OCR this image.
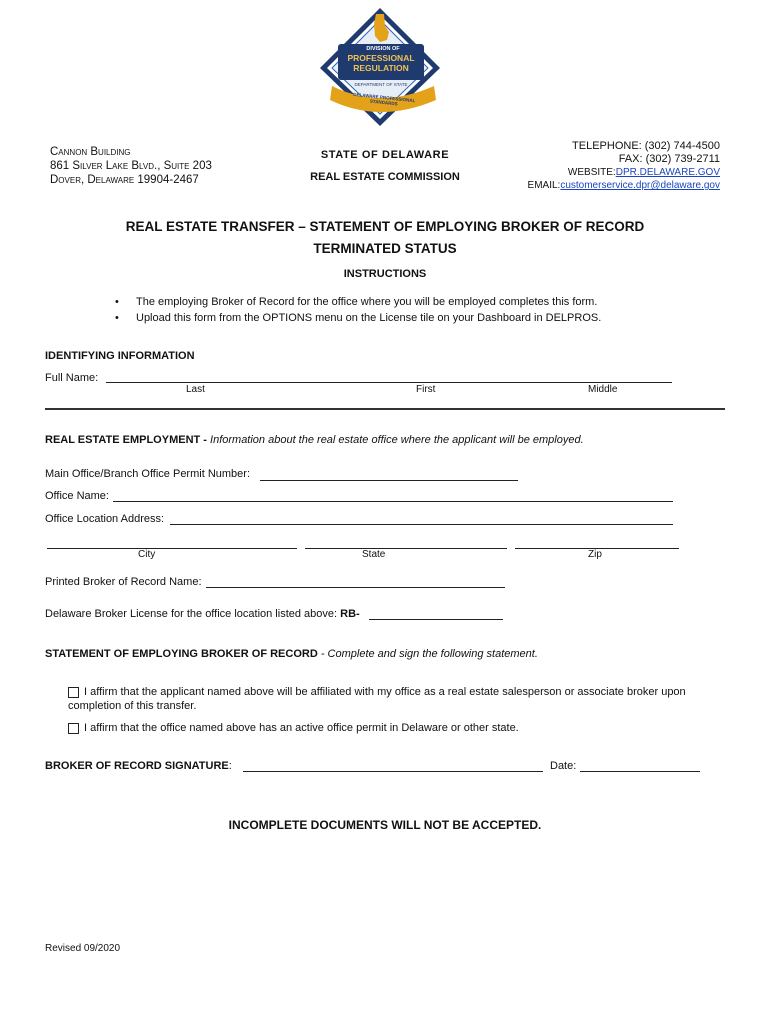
DIVISION OF
PROFESSIONAL
REGULATION
DEPARTMENT OF STATE
DELAWARE PROFESSIONAL STANDARDS
Cannon Building
861 Silver Lake Blvd., Suite 203
Dover, Delaware 19904-2467
STATE OF DELAWARE
REAL ESTATE COMMISSION
TELEPHONE: (302) 744-4500
FAX: (302) 739-2711
WEBSITE:DPR.DELAWARE.GOV
EMAIL:customerservice.dpr@delaware.gov
REAL ESTATE TRANSFER – STATEMENT OF EMPLOYING BROKER OF RECORD
TERMINATED STATUS
INSTRUCTIONS
• The employing Broker of Record for the office where you will be employed completes this form.
• Upload this form from the OPTIONS menu on the License tile on your Dashboard in DELPROS.
IDENTIFYING INFORMATION
Full Name:
Last	First	Middle
REAL ESTATE EMPLOYMENT - Information about the real estate office where the applicant will be employed.
Main Office/Branch Office Permit Number:
Office Name:
Office Location Address:
City	State	Zip
Printed Broker of Record Name:
Delaware Broker License for the office location listed above: RB-
STATEMENT OF EMPLOYING BROKER OF RECORD - Complete and sign the following statement.
I affirm that the applicant named above will be affiliated with my office as a real estate salesperson or associate broker upon
completion of this transfer.
I affirm that the office named above has an active office permit in Delaware or other state.
BROKER OF RECORD SIGNATURE:	Date:
INCOMPLETE DOCUMENTS WILL NOT BE ACCEPTED.
Revised 09/2020
